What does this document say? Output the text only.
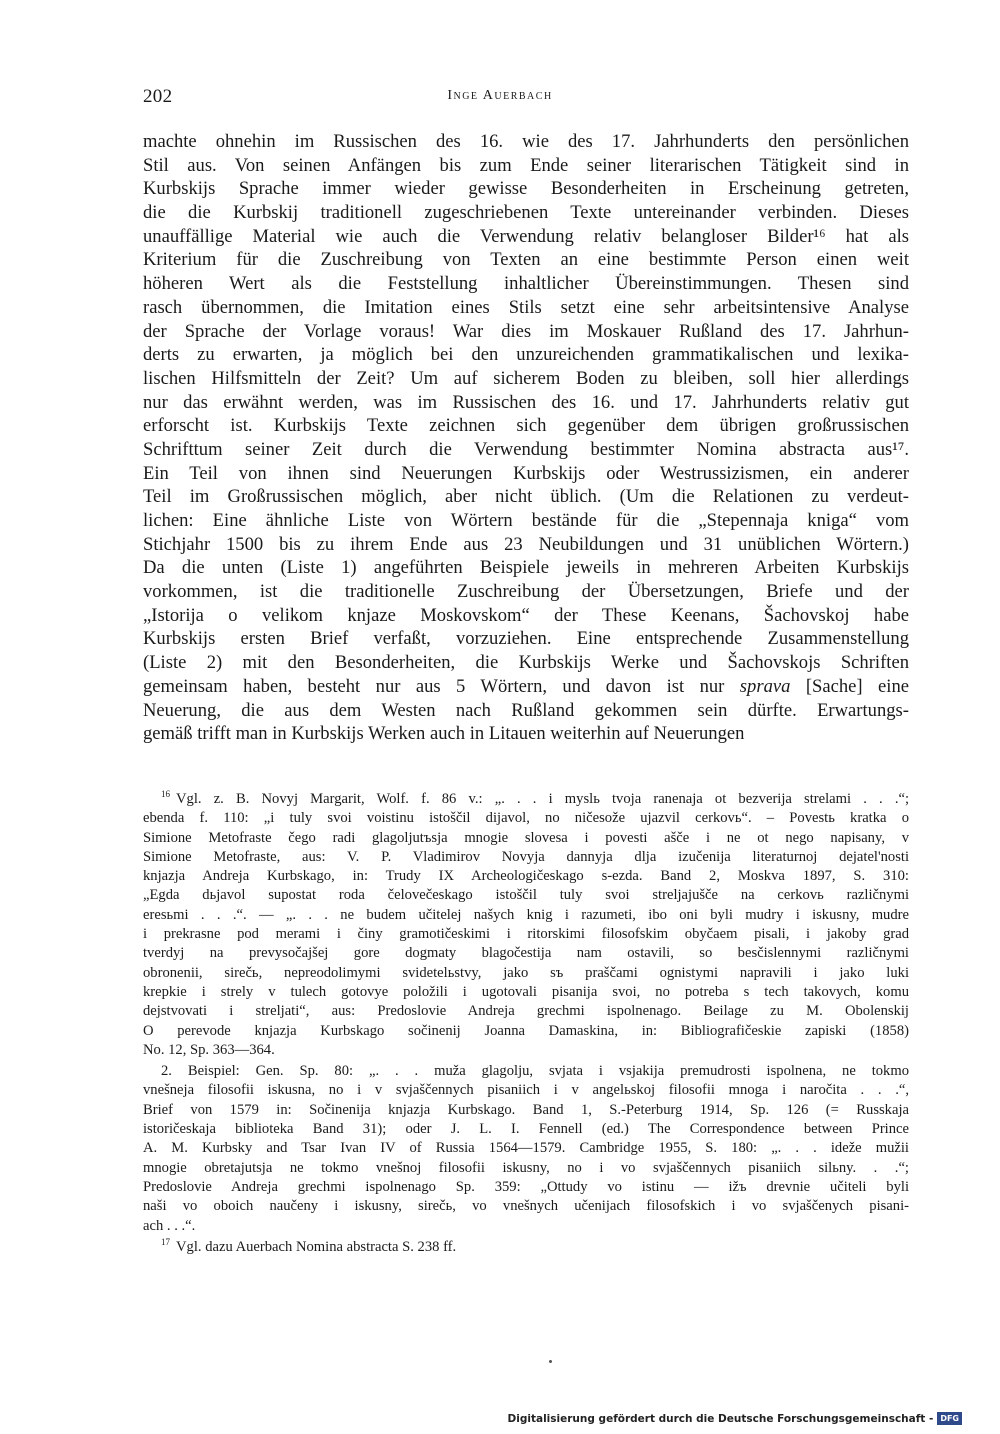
202	Inge Auerbach
machte ohnehin im Russischen des 16. wie des 17. Jahrhunderts den persönlichen
Stil aus. Von seinen Anfängen bis zum Ende seiner literarischen Tätigkeit sind in
Kurbskijs Sprache immer wieder gewisse Besonderheiten in Erscheinung getreten,
die die Kurbskij traditionell zugeschriebenen Texte untereinander verbinden. Dieses
unauffällige Material wie auch die Verwendung relativ belangloser Bilder¹⁶ hat als
Kriterium für die Zuschreibung von Texten an eine bestimmte Person einen weit
höheren Wert als die Feststellung inhaltlicher Übereinstimmungen. Thesen sind
rasch übernommen, die Imitation eines Stils setzt eine sehr arbeitsintensive Analyse
der Sprache der Vorlage voraus! War dies im Moskauer Rußland des 17. Jahrhun-
derts zu erwarten, ja möglich bei den unzureichenden grammatikalischen und lexika-
lischen Hilfsmitteln der Zeit? Um auf sicherem Boden zu bleiben, soll hier allerdings
nur das erwähnt werden, was im Russischen des 16. und 17. Jahrhunderts relativ gut
erforscht ist. Kurbskijs Texte zeichnen sich gegenüber dem übrigen großrussischen
Schrifttum seiner Zeit durch die Verwendung bestimmter Nomina abstracta aus¹⁷.
Ein Teil von ihnen sind Neuerungen Kurbskijs oder Westrussizismen, ein anderer
Teil im Großrussischen möglich, aber nicht üblich. (Um die Relationen zu verdeut-
lichen: Eine ähnliche Liste von Wörtern bestände für die „Stepennaja kniga“ vom
Stichjahr 1500 bis zu ihrem Ende aus 23 Neubildungen und 31 unüblichen Wörtern.)
Da die unten (Liste 1) angeführten Beispiele jeweils in mehreren Arbeiten Kurbskijs
vorkommen, ist die traditionelle Zuschreibung der Übersetzungen, Briefe und der
„Istorija o velikom knjaze Moskovskom“ der These Keenans, Šachovskoj habe
Kurbskijs ersten Brief verfaßt, vorzuziehen. Eine entsprechende Zusammenstellung
(Liste 2) mit den Besonderheiten, die Kurbskijs Werke und Šachovskojs Schriften
gemeinsam haben, besteht nur aus 5 Wörtern, und davon ist nur sprava [Sache] eine
Neuerung, die aus dem Westen nach Rußland gekommen sein dürfte. Erwartungs-
gemäß trifft man in Kurbskijs Werken auch in Litauen weiterhin auf Neuerungen
$^{16}$ Vgl. z. B. Novyj Margarit, Wolf. f. 86 v.: „. . . i myslь tvoja ranenaja ot bezverija strelami . . .“;
ebenda f. 110: „i tuly svoi voistinu istoščil dijavol, no ničesože ujazvil cerkovь“. – Povestь kratka o
Simione Metofraste čego radi glagoljutъsja mnogie slovesa i povesti ašče i ne ot nego napisany, v
Simione Metofraste, aus: V. P. Vladimirov Novyja dannyja dlja izučenija literaturnoj dejatel'nosti
knjazja Andreja Kurbskago, in: Trudy IX Archeologičeskago s-ezda. Band 2, Moskva 1897, S. 310:
„Egda dьjavol supostat roda čelovečeskago istoščil tuly svoi streljajušče na cerkovь različnymi
eresьmi . . .“. — „. . . ne budem učitelej našych knig i razumeti, ibo oni byli mudry i iskusny, mudre
i prekrasne pod merami i činy gramotičeskimi i ritorskimi filosofskim obyčaem pisali, i jakoby grad
tverdyj na prevysočajšej gore dogmaty blagočestija nam ostavili, so besčislennymi različnymi
obronenii, sirečь, nepreodolimymi svidetelьstvy, jako sъ praščami ognistymi napravili i jako luki
krepkie i strely v tulech gotovye položili i ugotovali pisanija svoi, no potreba s tech takovych, komu
dejstvovati i streljati“, aus: Predoslovie Andreja grechmi ispolnenago. Beilage zu M. Obolenskij
O perevode knjazja Kurbskago sočinenij Joanna Damaskina, in: Bibliografičeskie zapiski (1858)
No. 12, Sp. 363—364.
2. Beispiel: Gen. Sp. 80: „. . . muža glagolju, svjata i vsjakija premudrosti ispolnena, ne tokmo
vnešneja filosofii iskusna, no i v svjaščennych pisaniich i v angelьskoj filosofii mnoga i naročita . . .“,
Brief von 1579 in: Sočinenija knjazja Kurbskago. Band 1, S.-Peterburg 1914, Sp. 126 (= Russkaja
istoričeskaja biblioteka Band 31); oder J. L. I. Fennell (ed.) The Correspondence between Prince
A. M. Kurbsky and Tsar Ivan IV of Russia 1564—1579. Cambridge 1955, S. 180: „. . . ideže mužii
mnogie obretajutsja ne tokmo vnešnoj filosofii iskusny, no i vo svjaščennych pisaniich silьny. . .“;
Predoslovie Andreja grechmi ispolnenago Sp. 359: „Ottudy vo istinu — ižъ drevnie učiteli byli
naši vo oboich naučeny i iskusny, sirečь, vo vnešnych učenijach filosofskich i vo svjaščenych pisani-
ach . . .“.
$^{17}$ Vgl. dazu Auerbach Nomina abstracta S. 238 ff.
Digitalisierung gefördert durch die Deutsche Forschungsgemeinschaft - DFG
